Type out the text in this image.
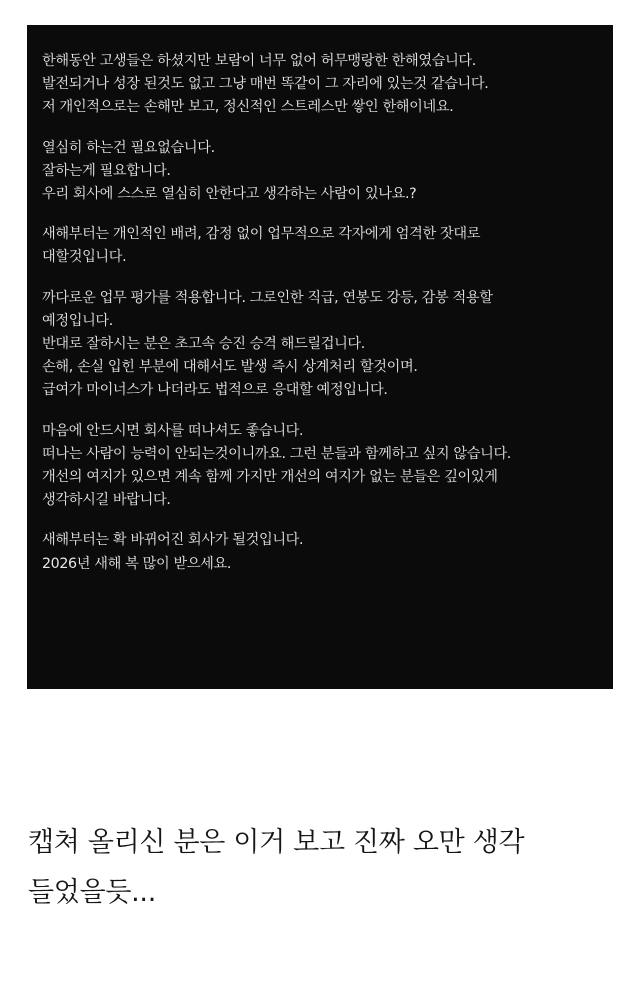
한해동안 고생들은 하셨지만 보람이 너무 없어 허무맹랑한 한해였습니다.
발전되거나 성장 된것도 없고 그냥 매번 똑같이 그 자리에 있는것 같습니다.
저 개인적으로는 손해만 보고, 정신적인 스트레스만 쌓인 한해이네요.
열심히 하는건 필요없습니다.
잘하는게 필요합니다.
우리 회사에 스스로 열심히 안한다고 생각하는 사람이 있나요.?
새해부터는 개인적인 배려, 감정 없이 업무적으로 각자에게 엄격한 잣대로
대할것입니다.
까다로운 업무 평가를 적용합니다. 그로인한 직급, 연봉도 강등, 감봉 적용할
예정입니다.
반대로 잘하시는 분은 초고속 승진 승격 해드릴겁니다.
손해, 손실 입힌 부분에 대해서도 발생 즉시 상계처리 할것이며.
급여가 마이너스가 나더라도 법적으로 응대할 예정입니다.
마음에 안드시면 회사를 떠나셔도 좋습니다.
떠나는 사람이 능력이 안되는것이니까요. 그런 분들과 함께하고 싶지 않습니다.
개선의 여지가 있으면 계속 함께 가지만 개선의 여지가 없는 분들은 깊이있게
생각하시길 바랍니다.
새해부터는 확 바뀌어진 회사가 될것입니다.
2026년 새해 복 많이 받으세요.
캡쳐 올리신 분은 이거 보고 진짜 오만 생각
들었을듯...
